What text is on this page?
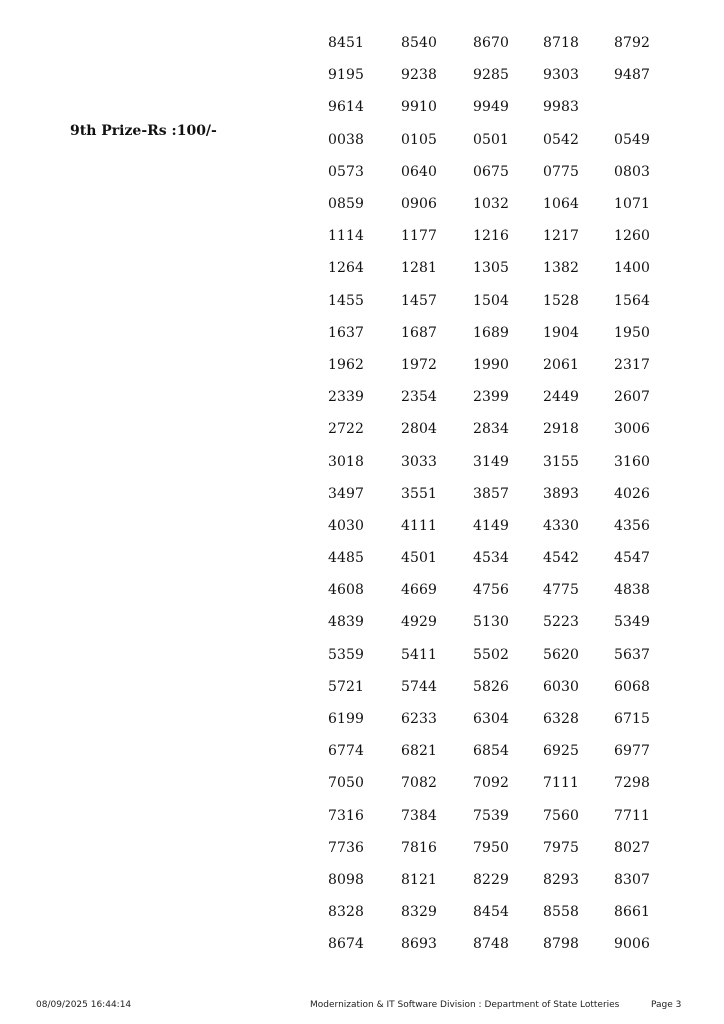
9th Prize-Rs :100/-
8451	8540	8670	8718	8792
9195	9238	9285	9303	9487
9614	9910	9949	9983
0038	0105	0501	0542	0549
0573	0640	0675	0775	0803
0859	0906	1032	1064	1071
1114	1177	1216	1217	1260
1264	1281	1305	1382	1400
1455	1457	1504	1528	1564
1637	1687	1689	1904	1950
1962	1972	1990	2061	2317
2339	2354	2399	2449	2607
2722	2804	2834	2918	3006
3018	3033	3149	3155	3160
3497	3551	3857	3893	4026
4030	4111	4149	4330	4356
4485	4501	4534	4542	4547
4608	4669	4756	4775	4838
4839	4929	5130	5223	5349
5359	5411	5502	5620	5637
5721	5744	5826	6030	6068
6199	6233	6304	6328	6715
6774	6821	6854	6925	6977
7050	7082	7092	7111	7298
7316	7384	7539	7560	7711
7736	7816	7950	7975	8027
8098	8121	8229	8293	8307
8328	8329	8454	8558	8661
8674	8693	8748	8798	9006
08/09/2025 16:44:14	Modernization & IT Software Division : Department of State Lotteries	Page 3
